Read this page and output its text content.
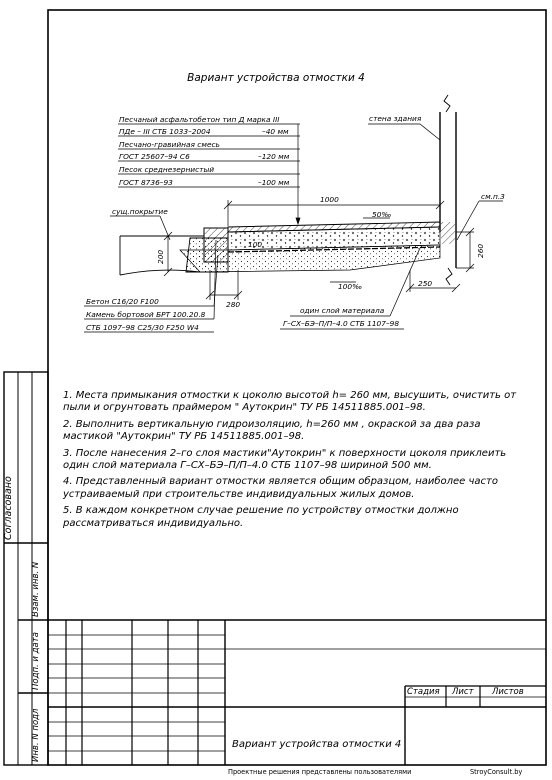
Вариант устройства отмостки 4
Песчаный асфальтобетон тип Д марка III
ПДе – III СТБ 1033–2004	–40 мм
Песчано-гравийная смесь
ГОСТ 25607–94 С6	–120 мм
Песок среднезернистый
ГОСТ 8736–93	–100 мм
стена здания
сущ.покрытие
см.п.3
50‰
100‰
один слой материала
Г–СХ–БЭ–П/П–4.0 СТБ 1107–98
Бетон С16/20 F100
Камень бортовой БРТ 100.20.8
СТБ 1097–98 С25/30 F250 W4
1000
260
200
100
280
250

1. Места примыкания отмостки к цоколю высотой h= 260 мм, высушить, очистить от пыли и огрунтовать праймером " Аутокрин" ТУ РБ 14511885.001–98.

2. Выполнить вертикальную гидроизоляцию, h=260 мм , окраской за два раза мастикой "Аутокрин" ТУ РБ 14511885.001–98.

3. После нанесения 2–го слоя мастики"Аутокрин" к поверхности цоколя приклеить один слой материала Г–СХ–БЭ–П/П–4.0 СТБ 1107–98 шириной 500 мм.

4. Представленный вариант отмостки является общим образцом, наиболее часто устраиваемый при строительстве индивидуальных жилых домов.

5. В каждом конкретном случае решение по устройству отмостки должно рассматриваться индивидуально.

Согласовано
Взам. инв. N
Подп. и дата
Инв. N подл
Стадия Лист Листов
Вариант устройства отмостки 4
Проектные решения представлены пользователями	StroyConsult.by
